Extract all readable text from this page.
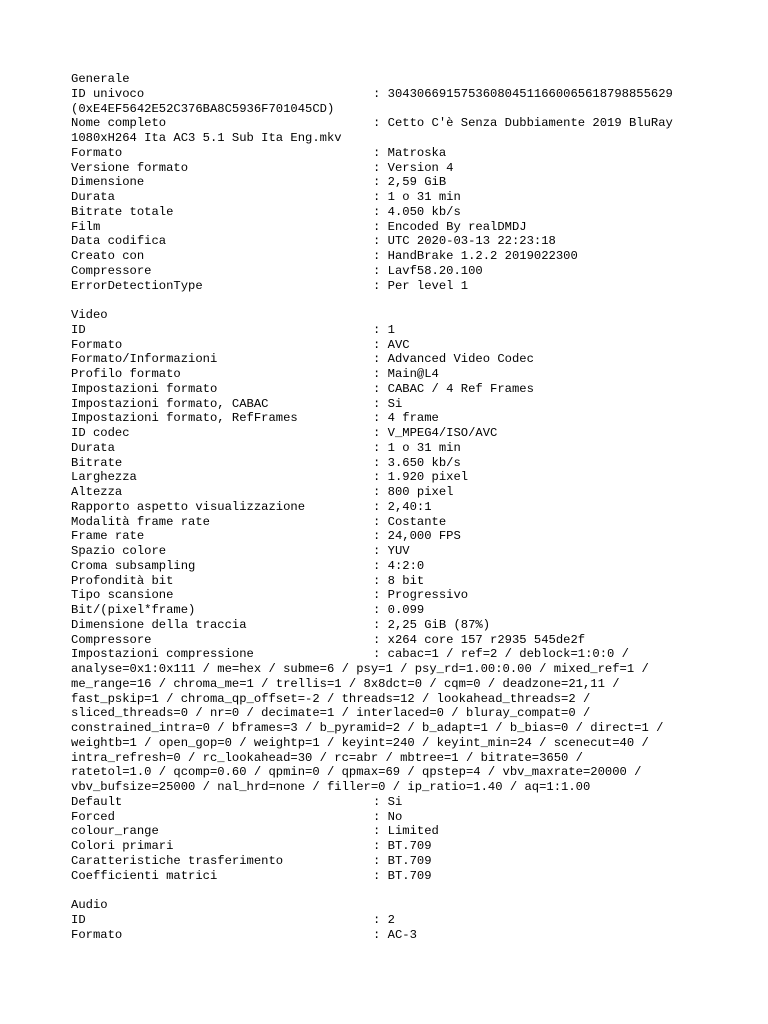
Generale
ID univoco	: 304306691575360804511660065618798855629
(0xE4EF5642E52C376BA8C5936F701045CD)
Nome completo	: Cetto C'è Senza Dubbiamente 2019 BluRay
1080xH264 Ita AC3 5.1 Sub Ita Eng.mkv
Formato	: Matroska
Versione formato	: Version 4
Dimensione	: 2,59 GiB
Durata	: 1 o 31 min
Bitrate totale	: 4.050 kb/s
Film	: Encoded By realDMDJ
Data codifica	: UTC 2020-03-13 22:23:18
Creato con	: HandBrake 1.2.2 2019022300
Compressore	: Lavf58.20.100
ErrorDetectionType	: Per level 1
Video
ID	: 1
Formato	: AVC
Formato/Informazioni	: Advanced Video Codec
Profilo formato	: Main@L4
Impostazioni formato	: CABAC / 4 Ref Frames
Impostazioni formato, CABAC	: Si
Impostazioni formato, RefFrames	: 4 frame
ID codec	: V_MPEG4/ISO/AVC
Durata	: 1 o 31 min
Bitrate	: 3.650 kb/s
Larghezza	: 1.920 pixel
Altezza	: 800 pixel
Rapporto aspetto visualizzazione	: 2,40:1
Modalità frame rate	: Costante
Frame rate	: 24,000 FPS
Spazio colore	: YUV
Croma subsampling	: 4:2:0
Profondità bit	: 8 bit
Tipo scansione	: Progressivo
Bit/(pixel*frame)	: 0.099
Dimensione della traccia	: 2,25 GiB (87%)
Compressore	: x264 core 157 r2935 545de2f
Impostazioni compressione	: cabac=1 / ref=2 / deblock=1:0:0 /
analyse=0x1:0x111 / me=hex / subme=6 / psy=1 / psy_rd=1.00:0.00 / mixed_ref=1 /
me_range=16 / chroma_me=1 / trellis=1 / 8x8dct=0 / cqm=0 / deadzone=21,11 /
fast_pskip=1 / chroma_qp_offset=-2 / threads=12 / lookahead_threads=2 /
sliced_threads=0 / nr=0 / decimate=1 / interlaced=0 / bluray_compat=0 /
constrained_intra=0 / bframes=3 / b_pyramid=2 / b_adapt=1 / b_bias=0 / direct=1 /
weightb=1 / open_gop=0 / weightp=1 / keyint=240 / keyint_min=24 / scenecut=40 /
intra_refresh=0 / rc_lookahead=30 / rc=abr / mbtree=1 / bitrate=3650 /
ratetol=1.0 / qcomp=0.60 / qpmin=0 / qpmax=69 / qpstep=4 / vbv_maxrate=20000 /
vbv_bufsize=25000 / nal_hrd=none / filler=0 / ip_ratio=1.40 / aq=1:1.00
Default	: Si
Forced	: No
colour_range	: Limited
Colori primari	: BT.709
Caratteristiche trasferimento	: BT.709
Coefficienti matrici	: BT.709
Audio
ID	: 2
Formato	: AC-3
